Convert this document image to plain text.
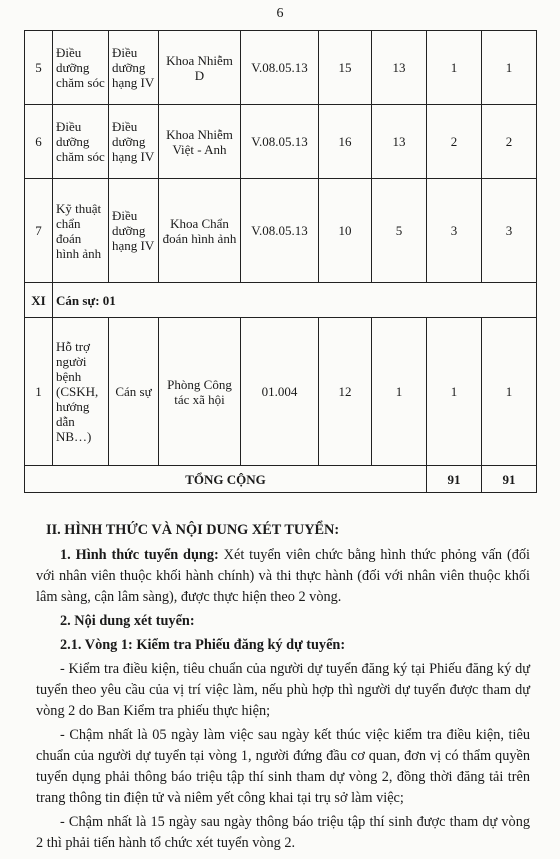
6
5	Điều dưỡng chăm sóc	Điều dưỡng hạng IV	Khoa Nhiễm D	V.08.05.13	15	13	1	1
6	Điều dưỡng chăm sóc	Điều dưỡng hạng IV	Khoa Nhiễm Việt - Anh	V.08.05.13	16	13	2	2
7	Kỹ thuật chẩn đoán hình ảnh	Điều dưỡng hạng IV	Khoa Chẩn đoán hình ảnh	V.08.05.13	10	5	3	3
XI	Cán sự: 01							
1	Hỗ trợ người bệnh (CSKH, hướng dẫn NB…)	Cán sự	Phòng Công tác xã hội	01.004	12	1	1	1
TỔNG CỘNG							91	91

II. HÌNH THỨC VÀ NỘI DUNG XÉT TUYỂN:

1. Hình thức tuyển dụng: Xét tuyển viên chức bằng hình thức phỏng vấn (đối với nhân viên thuộc khối hành chính) và thi thực hành (đối với nhân viên thuộc khối lâm sàng, cận lâm sàng), được thực hiện theo 2 vòng.

2. Nội dung xét tuyển:

2.1. Vòng 1: Kiểm tra Phiếu đăng ký dự tuyển:

- Kiểm tra điều kiện, tiêu chuẩn của người dự tuyển đăng ký tại Phiếu đăng ký dự tuyển theo yêu cầu của vị trí việc làm, nếu phù hợp thì người dự tuyển được tham dự vòng 2 do Ban Kiểm tra phiếu thực hiện;

- Chậm nhất là 05 ngày làm việc sau ngày kết thúc việc kiểm tra điều kiện, tiêu chuẩn của người dự tuyển tại vòng 1, người đứng đầu cơ quan, đơn vị có thẩm quyền tuyển dụng phải thông báo triệu tập thí sinh tham dự vòng 2, đồng thời đăng tải trên trang thông tin điện tử và niêm yết công khai tại trụ sở làm việc;

- Chậm nhất là 15 ngày sau ngày thông báo triệu tập thí sinh được tham dự vòng 2 thì phải tiến hành tổ chức xét tuyển vòng 2.
